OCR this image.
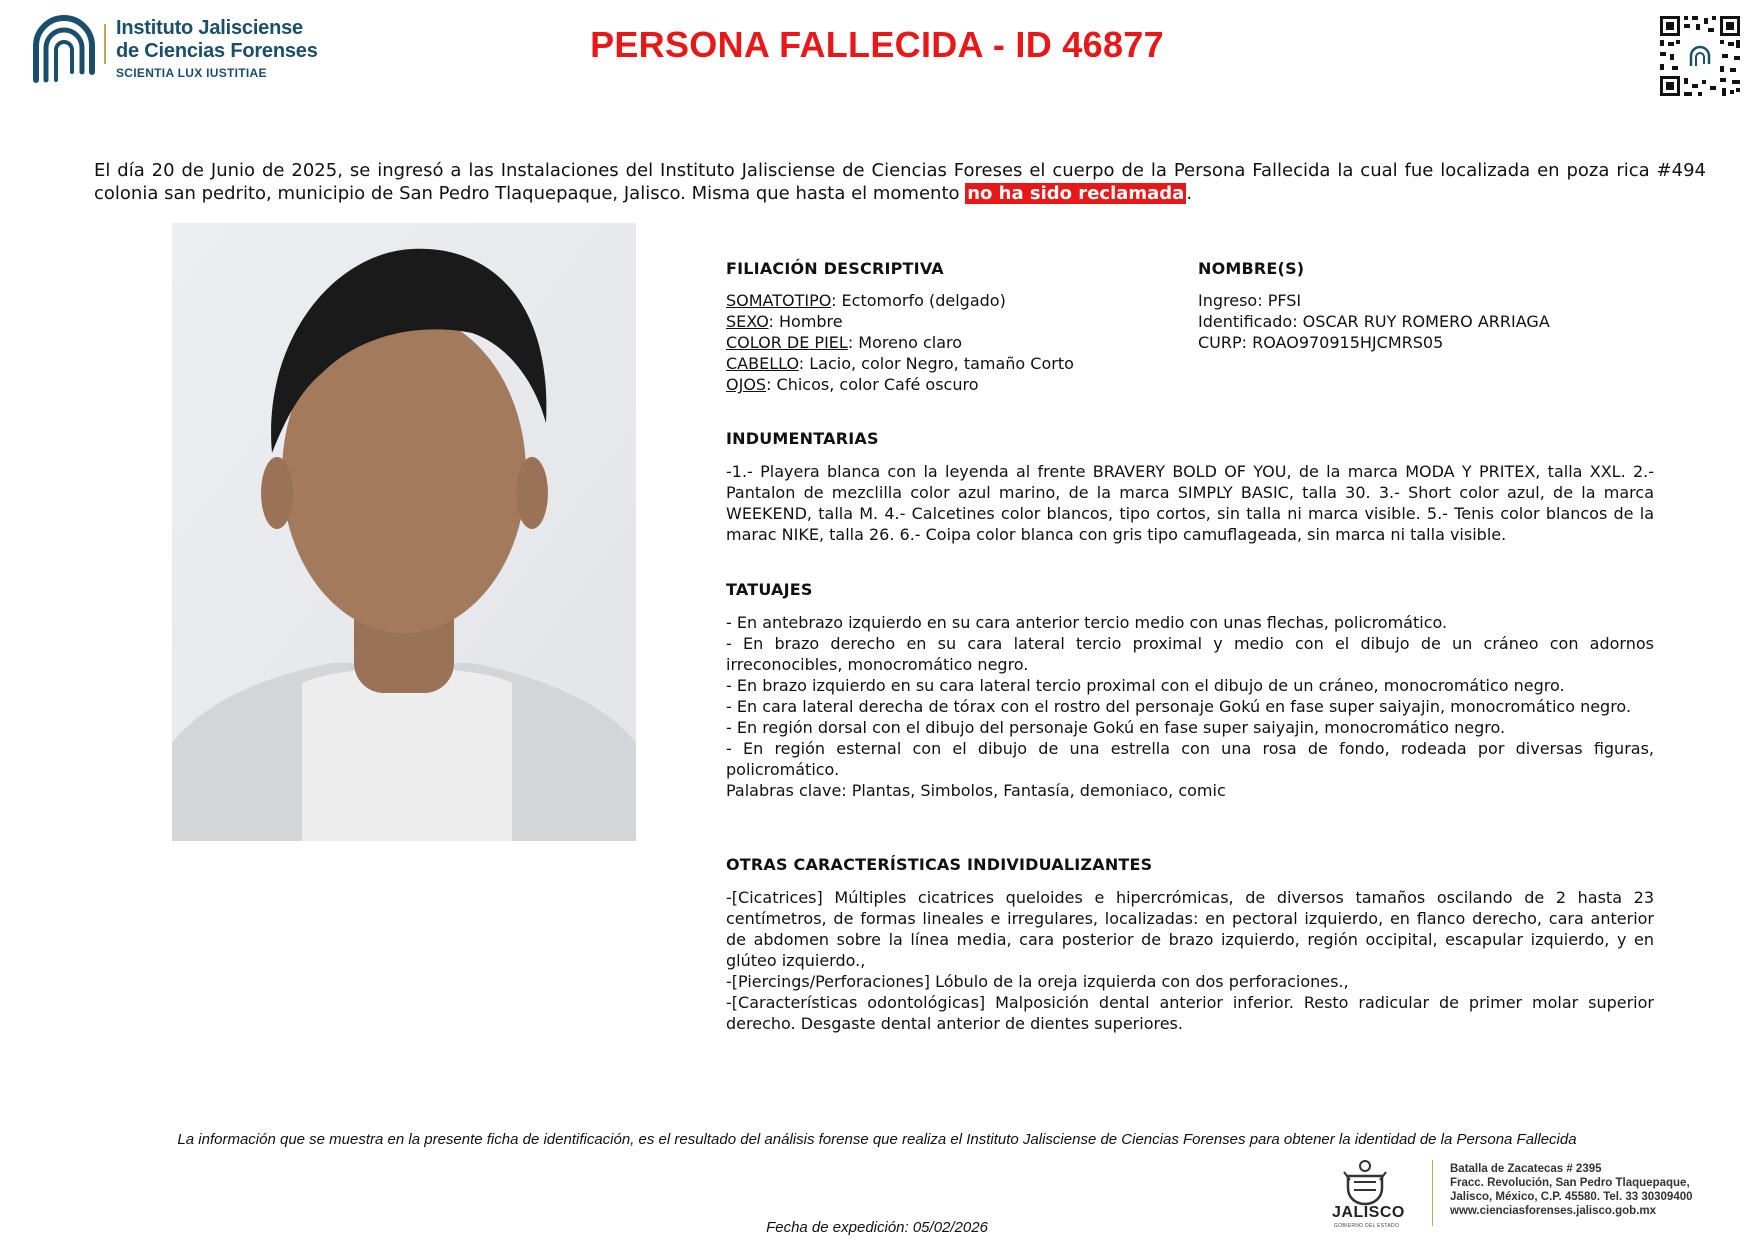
Instituto Jalisciense
de Ciencias Forenses
SCIENTIA LUX IUSTITIAE
PERSONA FALLECIDA - ID 46877
El día 20 de Junio de 2025, se ingresó a las Instalaciones del Instituto Jalisciense de Ciencias Foreses el cuerpo de la Persona Fallecida la cual fue localizada en poza rica #494 colonia san pedrito, municipio de San Pedro Tlaquepaque, Jalisco. Misma que hasta el momento no ha sido reclamada .
FILIACIÓN DESCRIPTIVA
SOMATOTIPO: Ectomorfo (delgado)
SEXO: Hombre
COLOR DE PIEL: Moreno claro
CABELLO: Lacio, color Negro, tamaño Corto
OJOS: Chicos, color Café oscuro
NOMBRE(S)
Ingreso: PFSI
Identificado: OSCAR RUY ROMERO ARRIAGA
CURP: ROAO970915HJCMRS05
INDUMENTARIAS
-1.- Playera blanca con la leyenda al frente BRAVERY BOLD OF YOU, de la marca MODA Y PRITEX, talla XXL. 2.- Pantalon de mezclilla color azul marino, de la marca SIMPLY BASIC, talla 30. 3.- Short color azul, de la marca WEEKEND, talla M. 4.- Calcetines color blancos, tipo cortos, sin talla ni marca visible. 5.- Tenis color blancos de la marac NIKE, talla 26. 6.- Coipa color blanca con gris tipo camuflageada, sin marca ni talla visible.
TATUAJES
- En antebrazo izquierdo en su cara anterior tercio medio con unas flechas, policromático.
- En brazo derecho en su cara lateral tercio proximal y medio con el dibujo de un cráneo con adornos irreconocibles, monocromático negro.
- En brazo izquierdo en su cara lateral tercio proximal con el dibujo de un cráneo, monocromático negro.
- En cara lateral derecha de tórax con el rostro del personaje Gokú en fase super saiyajin, monocromático negro.
- En región dorsal con el dibujo del personaje Gokú en fase super saiyajin, monocromático negro.
- En región esternal con el dibujo de una estrella con una rosa de fondo, rodeada por diversas figuras, policromático.
Palabras clave: Plantas, Simbolos, Fantasía, demoniaco, comic
OTRAS CARACTERÍSTICAS INDIVIDUALIZANTES
-[Cicatrices] Múltiples cicatrices queloides e hipercrómicas, de diversos tamaños oscilando de 2 hasta 23 centímetros, de formas lineales e irregulares, localizadas: en pectoral izquierdo, en flanco derecho, cara anterior de abdomen sobre la línea media, cara posterior de brazo izquierdo, región occipital, escapular izquierdo, y en glúteo izquierdo.,
-[Piercings/Perforaciones] Lóbulo de la oreja izquierda con dos perforaciones.,
-[Características odontológicas] Malposición dental anterior inferior. Resto radicular de primer molar superior derecho. Desgaste dental anterior de dientes superiores.
La información que se muestra en la presente ficha de identificación, es el resultado del análisis forense que realiza el Instituto Jalisciense de Ciencias Forenses para obtener la identidad de la Persona Fallecida
JALISCO
GOBIERNO DEL ESTADO
Batalla de Zacatecas # 2395
Fracc. Revolución, San Pedro Tlaquepaque,
Jalisco, México, C.P. 45580. Tel. 33 30309400
www.cienciasforenses.jalisco.gob.mx
Fecha de expedición: 05/02/2026
